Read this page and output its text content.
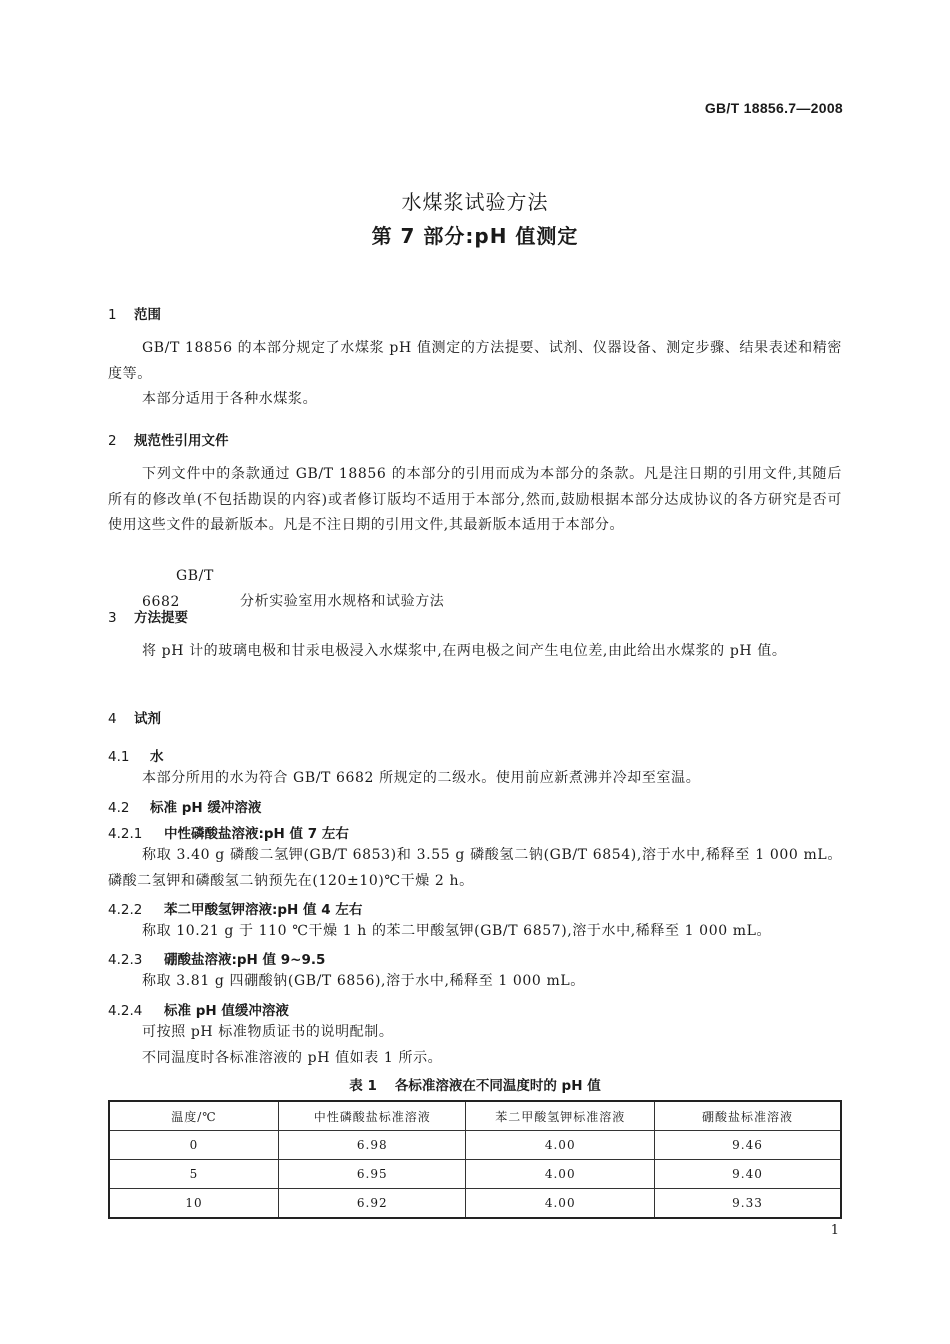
GB/T 18856.7—2008
水煤浆试验方法
第 7 部分:pH 值测定
1 范围
GB/T 18856 的本部分规定了水煤浆 pH 值测定的方法提要、试剂、仪器设备、测定步骤、结果表述和精密度等。
本部分适用于各种水煤浆。
2 规范性引用文件
下列文件中的条款通过 GB/T 18856 的本部分的引用而成为本部分的条款。凡是注日期的引用文件,其随后所有的修改单(不包括勘误的内容)或者修订版均不适用于本部分,然而,鼓励根据本部分达成协议的各方研究是否可使用这些文件的最新版本。凡是不注日期的引用文件,其最新版本适用于本部分。
GB/T 6682	分析实验室用水规格和试验方法
3 方法提要
将 pH 计的玻璃电极和甘汞电极浸入水煤浆中,在两电极之间产生电位差,由此给出水煤浆的 pH 值。
4 试剂
4.1 水
本部分所用的水为符合 GB/T 6682 所规定的二级水。使用前应新煮沸并冷却至室温。
4.2 标准 pH 缓冲溶液
4.2.1 中性磷酸盐溶液:pH 值 7 左右
称取 3.40 g 磷酸二氢钾(GB/T 6853)和 3.55 g 磷酸氢二钠(GB/T 6854),溶于水中,稀释至 1 000 mL。磷酸二氢钾和磷酸氢二钠预先在(120±10)℃干燥 2 h。
4.2.2 苯二甲酸氢钾溶液:pH 值 4 左右
称取 10.21 g 于 110 ℃干燥 1 h 的苯二甲酸氢钾(GB/T 6857),溶于水中,稀释至 1 000 mL。
4.2.3 硼酸盐溶液:pH 值 9~9.5
称取 3.81 g 四硼酸钠(GB/T 6856),溶于水中,稀释至 1 000 mL。
4.2.4 标准 pH 值缓冲溶液
可按照 pH 标准物质证书的说明配制。
不同温度时各标准溶液的 pH 值如表 1 所示。
表 1 各标准溶液在不同温度时的 pH 值
温度/℃	中性磷酸盐标准溶液	苯二甲酸氢钾标准溶液	硼酸盐标准溶液
0	6.98	4.00	9.46
5	6.95	4.00	9.40
10	6.92	4.00	9.33
1
